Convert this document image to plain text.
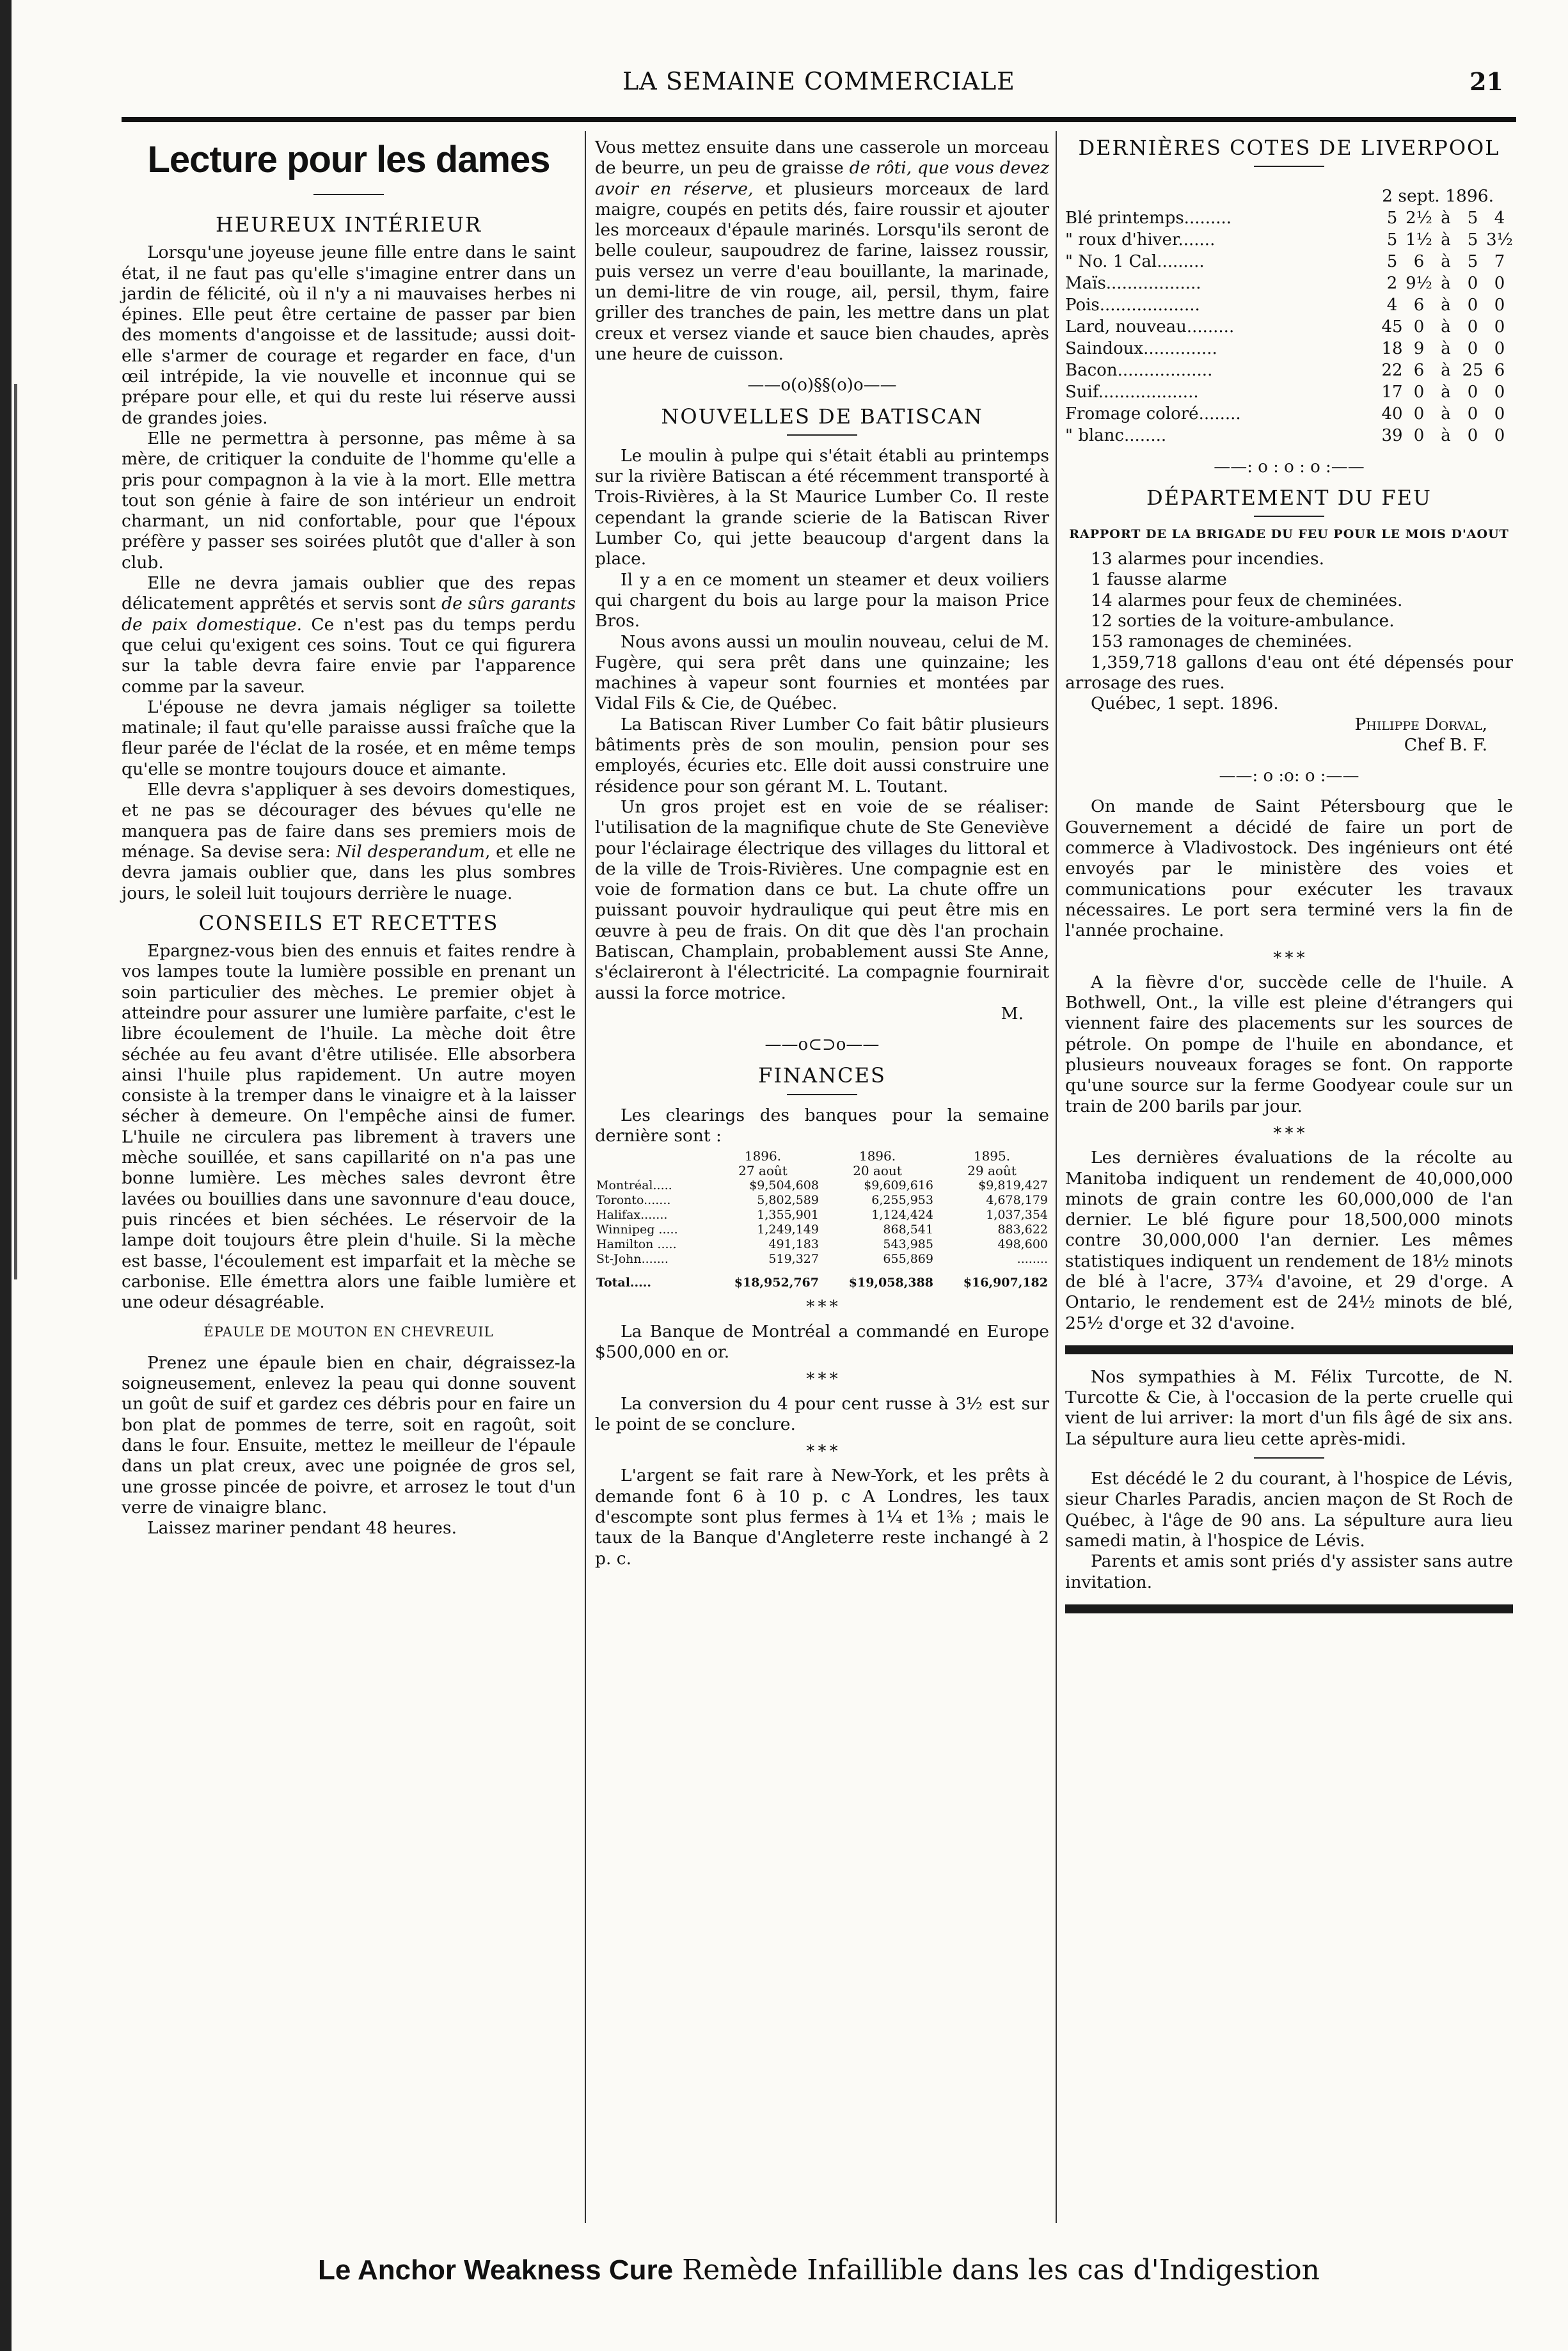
LA SEMAINE COMMERCIALE	21
Lecture pour les dames
HEUREUX INTÉRIEUR

Lorsqu'une joyeuse jeune fille entre dans le saint état, il ne faut pas qu'elle s'imagine entrer dans un jardin de félicité, où il n'y a ni mauvaises herbes ni épines. Elle peut être certaine de passer par bien des moments d'angoisse et de lassitude; aussi doit-elle s'armer de courage et regarder en face, d'un œil intrépide, la vie nouvelle et inconnue qui se prépare pour elle, et qui du reste lui réserve aussi de grandes joies.

Elle ne permettra à personne, pas même à sa mère, de critiquer la conduite de l'homme qu'elle a pris pour compagnon à la vie à la mort. Elle mettra tout son génie à faire de son intérieur un endroit charmant, un nid confortable, pour que l'époux préfère y passer ses soirées plutôt que d'aller à son club.

Elle ne devra jamais oublier que des repas délicatement apprêtés et servis sont de sûrs garants de paix domestique. Ce n'est pas du temps perdu que celui qu'exigent ces soins. Tout ce qui figurera sur la table devra faire envie par l'apparence comme par la saveur.

L'épouse ne devra jamais négliger sa toilette matinale; il faut qu'elle paraisse aussi fraîche que la fleur parée de l'éclat de la rosée, et en même temps qu'elle se montre toujours douce et aimante.

Elle devra s'appliquer à ses devoirs domestiques, et ne pas se décourager des bévues qu'elle ne manquera pas de faire dans ses premiers mois de ménage. Sa devise sera: Nil desperandum, et elle ne devra jamais oublier que, dans les plus sombres jours, le soleil luit toujours derrière le nuage.

CONSEILS ET RECETTES

Epargnez-vous bien des ennuis et faites rendre à vos lampes toute la lumière possible en prenant un soin particulier des mèches. Le premier objet à atteindre pour assurer une lumière parfaite, c'est le libre écoulement de l'huile. La mèche doit être séchée au feu avant d'être utilisée. Elle absorbera ainsi l'huile plus rapidement. Un autre moyen consiste à la tremper dans le vinaigre et à la laisser sécher à demeure. On l'empêche ainsi de fumer. L'huile ne circulera pas librement à travers une mèche souillée, et sans capillarité on n'a pas une bonne lumière. Les mèches sales devront être lavées ou bouillies dans une savonnure d'eau douce, puis rincées et bien séchées. Le réservoir de la lampe doit toujours être plein d'huile. Si la mèche est basse, l'écoulement est imparfait et la mèche se carbonise. Elle émettra alors une faible lumière et une odeur désagréable.

ÉPAULE DE MOUTON EN CHEVREUIL

Prenez une épaule bien en chair, dégraissez-la soigneusement, enlevez la peau qui donne souvent un goût de suif et gardez ces débris pour en faire un bon plat de pommes de terre, soit en ragoût, soit dans le four. Ensuite, mettez le meilleur de l'épaule dans un plat creux, avec une poignée de gros sel, une grosse pincée de poivre, et arrosez le tout d'un verre de vinaigre blanc.

Laissez mariner pendant 48 heures.

Vous mettez ensuite dans une casserole un morceau de beurre, un peu de graisse de rôti, que vous devez avoir en réserve, et plusieurs morceaux de lard maigre, coupés en petits dés, faire roussir et ajouter les morceaux d'épaule marinés. Lorsqu'ils seront de belle couleur, saupoudrez de farine, laissez roussir, puis versez un verre d'eau bouillante, la marinade, un demi-litre de vin rouge, ail, persil, thym, faire griller des tranches de pain, les mettre dans un plat creux et versez viande et sauce bien chaudes, après une heure de cuisson.

——o(o)§§(o)o——
NOUVELLES DE BATISCAN

Le moulin à pulpe qui s'était établi au printemps sur la rivière Batiscan a été récemment transporté à Trois-Rivières, à la St Maurice Lumber Co. Il reste cependant la grande scierie de la Batiscan River Lumber Co, qui jette beaucoup d'argent dans la place.

Il y a en ce moment un steamer et deux voiliers qui chargent du bois au large pour la maison Price Bros.

Nous avons aussi un moulin nouveau, celui de M. Fugère, qui sera prêt dans une quinzaine; les machines à vapeur sont fournies et montées par Vidal Fils & Cie, de Québec.

La Batiscan River Lumber Co fait bâtir plusieurs bâtiments près de son moulin, pension pour ses employés, écuries etc. Elle doit aussi construire une résidence pour son gérant M. L. Toutant.

Un gros projet est en voie de se réaliser: l'utilisation de la magnifique chute de Ste Geneviève pour l'éclairage électrique des villages du littoral et de la ville de Trois-Rivières. Une compagnie est en voie de formation dans ce but. La chute offre un puissant pouvoir hydraulique qui peut être mis en œuvre à peu de frais. On dit que dès l'an prochain Batiscan, Champlain, probablement aussi Ste Anne, s'éclaireront à l'électricité. La compagnie fournirait aussi la force motrice.

M.
——o⊂⊃o——
FINANCES

Les clearings des banques pour la semaine dernière sont :

	1896.	1896.	1895.
	27 août	20 aout	29 août
Montréal.....	$9,504,608	$9,609,616	$9,819,427
Toronto.......	5,802,589	6,255,953	4,678,179
Halifax.......	1,355,901	1,124,424	1,037,354
Winnipeg .....	1,249,149	868,541	883,622
Hamilton .....	491,183	543,985	498,600
St-John.......	519,327	655,869	........
Total.....	$18,952,767	$19,058,388	$16,907,182
* * *

La Banque de Montréal a commandé en Europe $500,000 en or.

* * *

La conversion du 4 pour cent russe à 3½ est sur le point de se conclure.

* * *

L'argent se fait rare à New-York, et les prêts à demande font 6 à 10 p. c A Londres, les taux d'escompte sont plus fermes à 1¼ et 1⅜ ; mais le taux de la Banque d'Angleterre reste inchangé à 2 p. c.

DERNIÈRES COTES DE LIVERPOOL
2 sept. 1896.
Blé printemps.........	5 2½ à 5 4
" roux d'hiver.......	5 1½ à 5 3½
" No. 1 Cal.........	5 6 à 5 7
Maïs..................	2 9½ à 0 0
Pois...................	4 6 à 0 0
Lard, nouveau.........	45 0 à 0 0
Saindoux..............	18 9 à 0 0
Bacon..................	22 6 à 25 6
Suif...................	17 0 à 0 0
Fromage coloré........	40 0 à 0 0
" blanc........	39 0 à 0 0
——: o : o : o :——
DÉPARTEMENT DU FEU
RAPPORT DE LA BRIGADE DU FEU POUR LE MOIS D'AOUT
13 alarmes pour incendies.
1 fausse alarme
14 alarmes pour feux de cheminées.
12 sorties de la voiture-ambulance.
153 ramonages de cheminées.

1,359,718 gallons d'eau ont été dépensés pour arrosage des rues.

Québec, 1 sept. 1896.

Philippe Dorval,
Chef B. F.
——: o :o: o :——

On mande de Saint Pétersbourg que le Gouvernement a décidé de faire un port de commerce à Vladivostock. Des ingénieurs ont été envoyés par le ministère des voies et communications pour exécuter les travaux nécessaires. Le port sera terminé vers la fin de l'année prochaine.

* * *

A la fièvre d'or, succède celle de l'huile. A Bothwell, Ont., la ville est pleine d'étrangers qui viennent faire des placements sur les sources de pétrole. On pompe de l'huile en abondance, et plusieurs nouveaux forages se font. On rapporte qu'une source sur la ferme Goodyear coule sur un train de 200 barils par jour.

* * *

Les dernières évaluations de la récolte au Manitoba indiquent un rendement de 40,000,000 minots de grain contre les 60,000,000 de l'an dernier. Le blé figure pour 18,500,000 minots contre 30,000,000 l'an dernier. Les mêmes statistiques indiquent un rendement de 18½ minots de blé à l'acre, 37¾ d'avoine, et 29 d'orge. A Ontario, le rendement est de 24½ minots de blé, 25½ d'orge et 32 d'avoine.

Nos sympathies à M. Félix Turcotte, de N. Turcotte & Cie, à l'occasion de la perte cruelle qui vient de lui arriver: la mort d'un fils âgé de six ans. La sépulture aura lieu cette après-midi.

Est décédé le 2 du courant, à l'hospice de Lévis, sieur Charles Paradis, ancien maçon de St Roch de Québec, à l'âge de 90 ans. La sépulture aura lieu samedi matin, à l'hospice de Lévis.

Parents et amis sont priés d'y assister sans autre invitation.

Le Anchor Weakness Cure Remède Infaillible dans les cas d'Indigestion
